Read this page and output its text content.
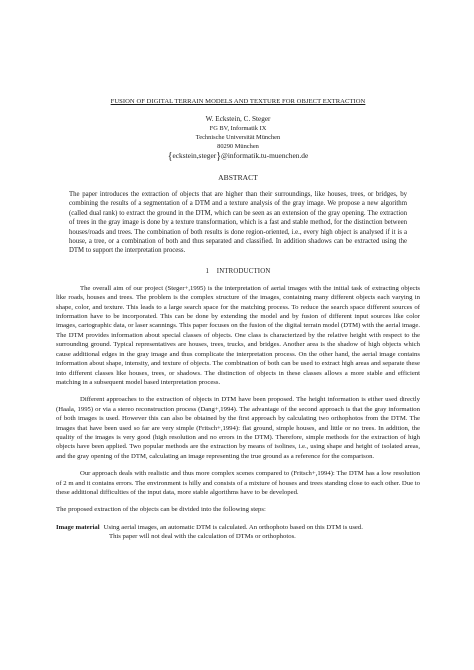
FUSION OF DIGITAL TERRAIN MODELS AND TEXTURE FOR OBJECT EXTRACTION
W. Eckstein, C. Steger
FG BV, Informatik IX
Technische Universität München
80290 München
{eckstein,steger}@informatik.tu-muenchen.de
ABSTRACT
The paper introduces the extraction of objects that are higher than their surroundings, like houses, trees, or bridges, by combining the results of a segmentation of a DTM and a texture analysis of the gray image. We propose a new algorithm (called dual rank) to extract the ground in the DTM, which can be seen as an extension of the gray opening. The extraction of trees in the gray image is done by a texture transformation, which is a fast and stable method, for the distinction between houses/roads and trees. The combination of both results is done region-oriented, i.e., every high object is analysed if it is a house, a tree, or a combination of both and thus separated and classified. In addition shadows can be extracted using the DTM to support the interpretation process.
1 INTRODUCTION

The overall aim of our project (Steger+,1995) is the interpretation of aerial images with the initial task of extracting objects like roads, houses and trees. The problem is the complex structure of the images, containing many different objects each varying in shape, color, and texture. This leads to a large search space for the matching process. To reduce the search space different sources of information have to be incorporated. This can be done by extending the model and by fusion of different input sources like color images, cartographic data, or laser scannings. This paper focuses on the fusion of the digital terrain model (DTM) with the aerial image. The DTM provides information about special classes of objects. One class is characterized by the relative height with respect to the surrounding ground. Typical representatives are houses, trees, trucks, and bridges. Another area is the shadow of high objects which cause additional edges in the gray image and thus complicate the interpretation process. On the other hand, the aerial image contains information about shape, intensity, and texture of objects. The combination of both can be used to extract high areas and separate these into different classes like houses, trees, or shadows. The distinction of objects in these classes allows a more stable and efficient matching in a subsequent model based interpretation process.

Different approaches to the extraction of objects in DTM have been proposed. The height information is either used directly (Haala, 1995) or via a stereo reconstruction process (Dang+,1994). The advantage of the second approach is that the gray information of both images is used. However this can also be obtained by the first approach by calculating two orthophotos from the DTM. The images that have been used so far are very simple (Fritsch+,1994): flat ground, simple houses, and little or no trees. In addition, the quality of the images is very good (high resolution and no errors in the DTM). Therefore, simple methods for the extraction of high objects have been applied. Two popular methods are the extraction by means of isolines, i.e., using shape and height of isolated areas, and the gray opening of the DTM, calculating an image representing the true ground as a reference for the comparison.

Our approach deals with realistic and thus more complex scenes compared to (Fritsch+,1994): The DTM has a low resolution of 2 m and it contains errors. The environment is hilly and consists of a mixture of houses and trees standing close to each other. Due to these additional difficulties of the input data, more stable algorithms have to be developed.

The proposed extraction of the objects can be divided into the following steps:

Image material Using aerial images, an automatic DTM is calculated. An orthophoto based on this DTM is used.
This paper will not deal with the calculation of DTMs or orthophotos.
